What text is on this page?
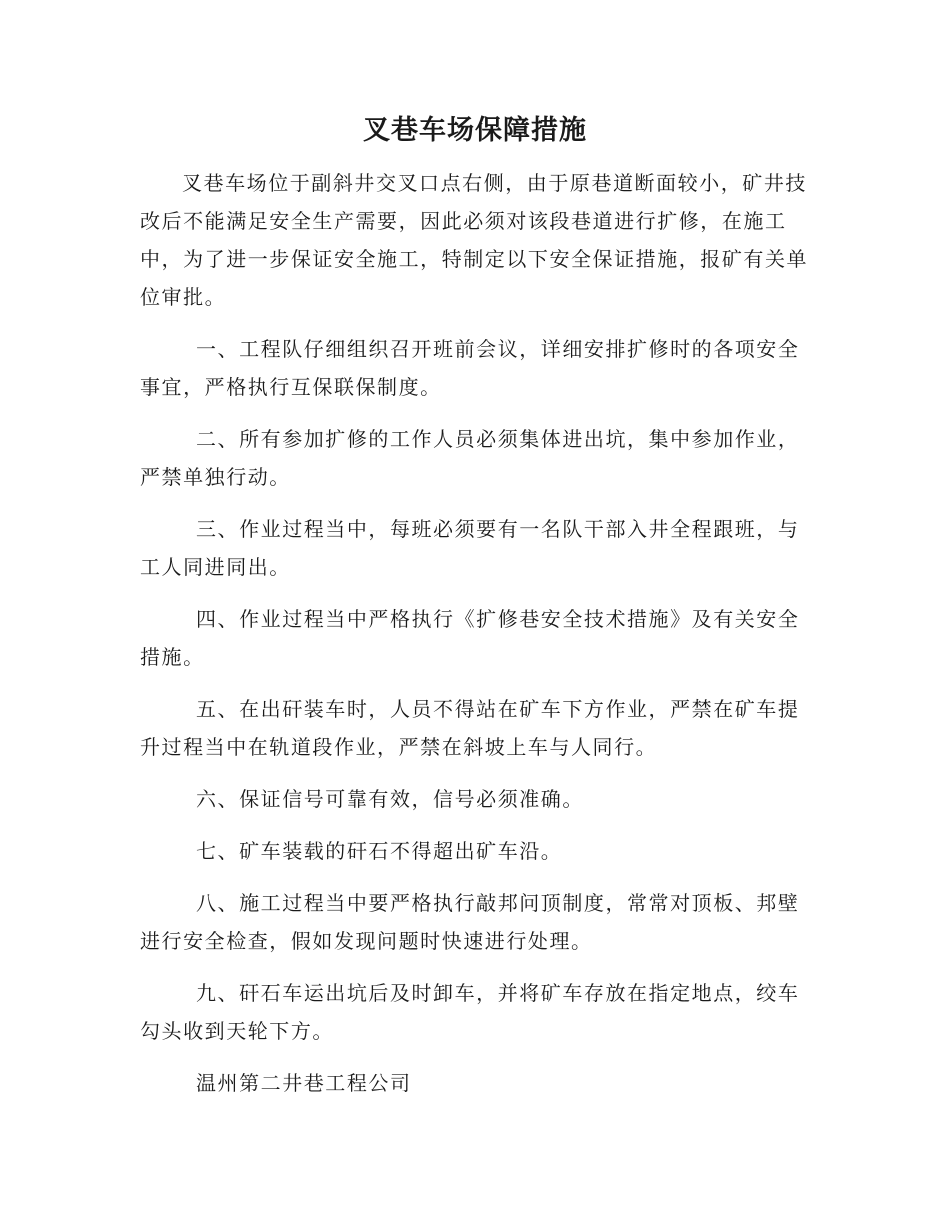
叉巷车场保障措施

叉巷车场位于副斜井交叉口点右侧，由于原巷道断面较小，矿井技改后不能满足安全生产需要，因此必须对该段巷道进行扩修，在施工中，为了进一步保证安全施工，特制定以下安全保证措施，报矿有关单位审批。

一、工程队仔细组织召开班前会议，详细安排扩修时的各项安全事宜，严格执行互保联保制度。

二、所有参加扩修的工作人员必须集体进出坑，集中参加作业，严禁单独行动。

三、作业过程当中，每班必须要有一名队干部入井全程跟班，与工人同进同出。

四、作业过程当中严格执行《扩修巷安全技术措施》及有关安全措施。

五、在出矸装车时，人员不得站在矿车下方作业，严禁在矿车提升过程当中在轨道段作业，严禁在斜坡上车与人同行。

六、保证信号可靠有效，信号必须准确。

七、矿车装载的矸石不得超出矿车沿。

八、施工过程当中要严格执行敲邦问顶制度，常常对顶板、邦壁进行安全检查，假如发现问题时快速进行处理。

九、矸石车运出坑后及时卸车，并将矿车存放在指定地点，绞车勾头收到天轮下方。

温州第二井巷工程公司
